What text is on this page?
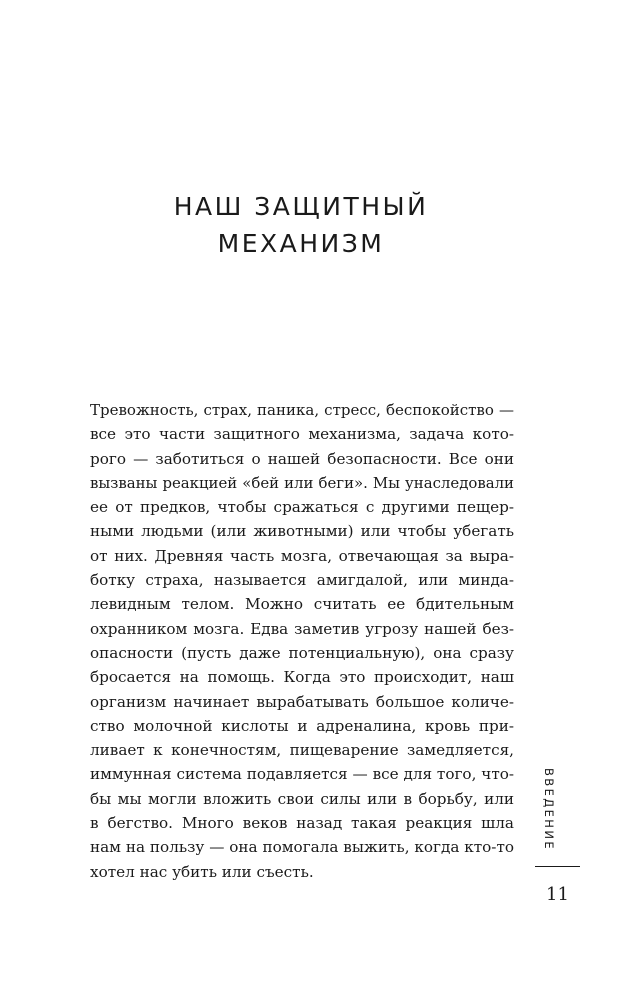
НАШ ЗАЩИТНЫЙ
МЕХАНИЗМ

Тревожность, страх, паника, стресс, беспокойство —
все это части защитного механизма, задача кото-
рого — заботиться о нашей безопасности. Все они
вызваны реакцией «бей или беги». Мы унаследовали
ее от предков, чтобы сражаться с другими пещер-
ными людьми (или животными) или чтобы убегать
от них. Древняя часть мозга, отвечающая за выра-
ботку страха, называется амигдалой, или минда-
левидным телом. Можно считать ее бдительным
охранником мозга. Едва заметив угрозу нашей без-
опасности (пусть даже потенциальную), она сразу
бросается на помощь. Когда это происходит, наш
организм начинает вырабатывать большое количе-
ство молочной кислоты и адреналина, кровь при-
ливает к конечностям, пищеварение замедляется,
иммунная система подавляется — все для того, что-
бы мы могли вложить свои силы или в борьбу, или
в бегство. Много веков назад такая реакция шла
нам на пользу — она помогала выжить, когда кто-то
хотел нас убить или съесть.

ВВЕДЕНИЕ
11
